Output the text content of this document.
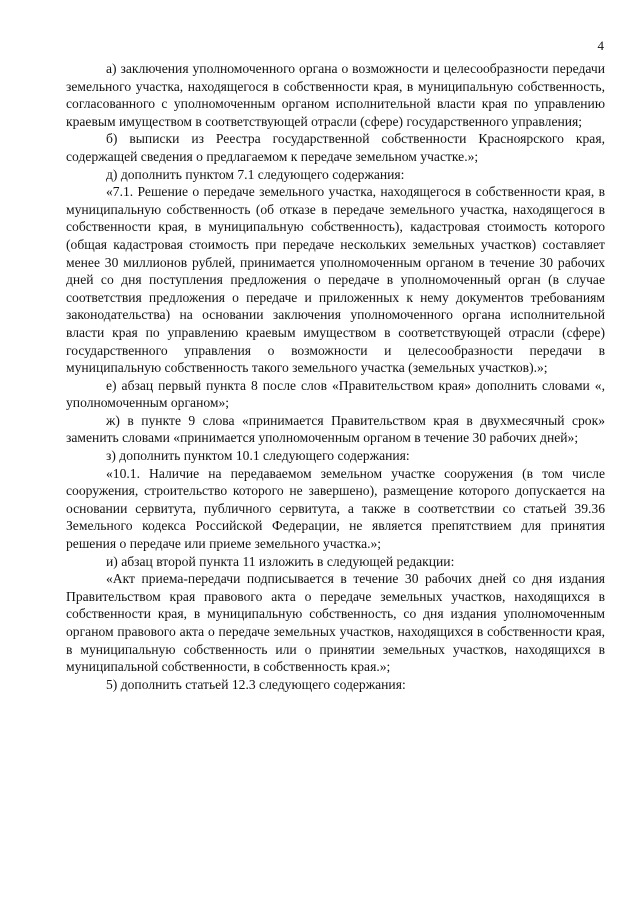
4

а) заключения уполномоченного органа о возможности и целесообразности передачи земельного участка, находящегося в собственности края, в муниципальную собственность, согласованного с уполномоченным органом исполнительной власти края по управлению краевым имуществом в соответствующей отрасли (сфере) государственного управления;

б) выписки из Реестра государственной собственности Красноярского края, содержащей сведения о предлагаемом к передаче земельном участке.»;

д) дополнить пунктом 7.1 следующего содержания:

«7.1. Решение о передаче земельного участка, находящегося в собственности края, в муниципальную собственность (об отказе в передаче земельного участка, находящегося в собственности края, в муниципальную собственность), кадастровая стоимость которого (общая кадастровая стоимость при передаче нескольких земельных участков) составляет менее 30 миллионов рублей, принимается уполномоченным органом в течение 30 рабочих дней со дня поступления предложения о передаче в уполномоченный орган (в случае соответствия предложения о передаче и приложенных к нему документов требованиям законодательства) на основании заключения уполномоченного органа исполнительной власти края по управлению краевым имуществом в соответствующей отрасли (сфере) государственного управления о возможности и целесообразности передачи в муниципальную собственность такого земельного участка (земельных участков).»;

е) абзац первый пункта 8 после слов «Правительством края» дополнить словами «, уполномоченным органом»;

ж) в пункте 9 слова «принимается Правительством края в двухмесячный срок» заменить словами «принимается уполномоченным органом в течение 30 рабочих дней»;

з) дополнить пунктом 10.1 следующего содержания:

«10.1. Наличие на передаваемом земельном участке сооружения (в том числе сооружения, строительство которого не завершено), размещение которого допускается на основании сервитута, публичного сервитута, а также в соответствии со статьей 39.36 Земельного кодекса Российской Федерации, не является препятствием для принятия решения о передаче или приеме земельного участка.»;

и) абзац второй пункта 11 изложить в следующей редакции:

«Акт приема-передачи подписывается в течение 30 рабочих дней со дня издания Правительством края правового акта о передаче земельных участков, находящихся в собственности края, в муниципальную собственность, со дня издания уполномоченным органом правового акта о передаче земельных участков, находящихся в собственности края, в муниципальную собственность или о принятии земельных участков, находящихся в муниципальной собственности, в собственность края.»;

5) дополнить статьей 12.3 следующего содержания:
